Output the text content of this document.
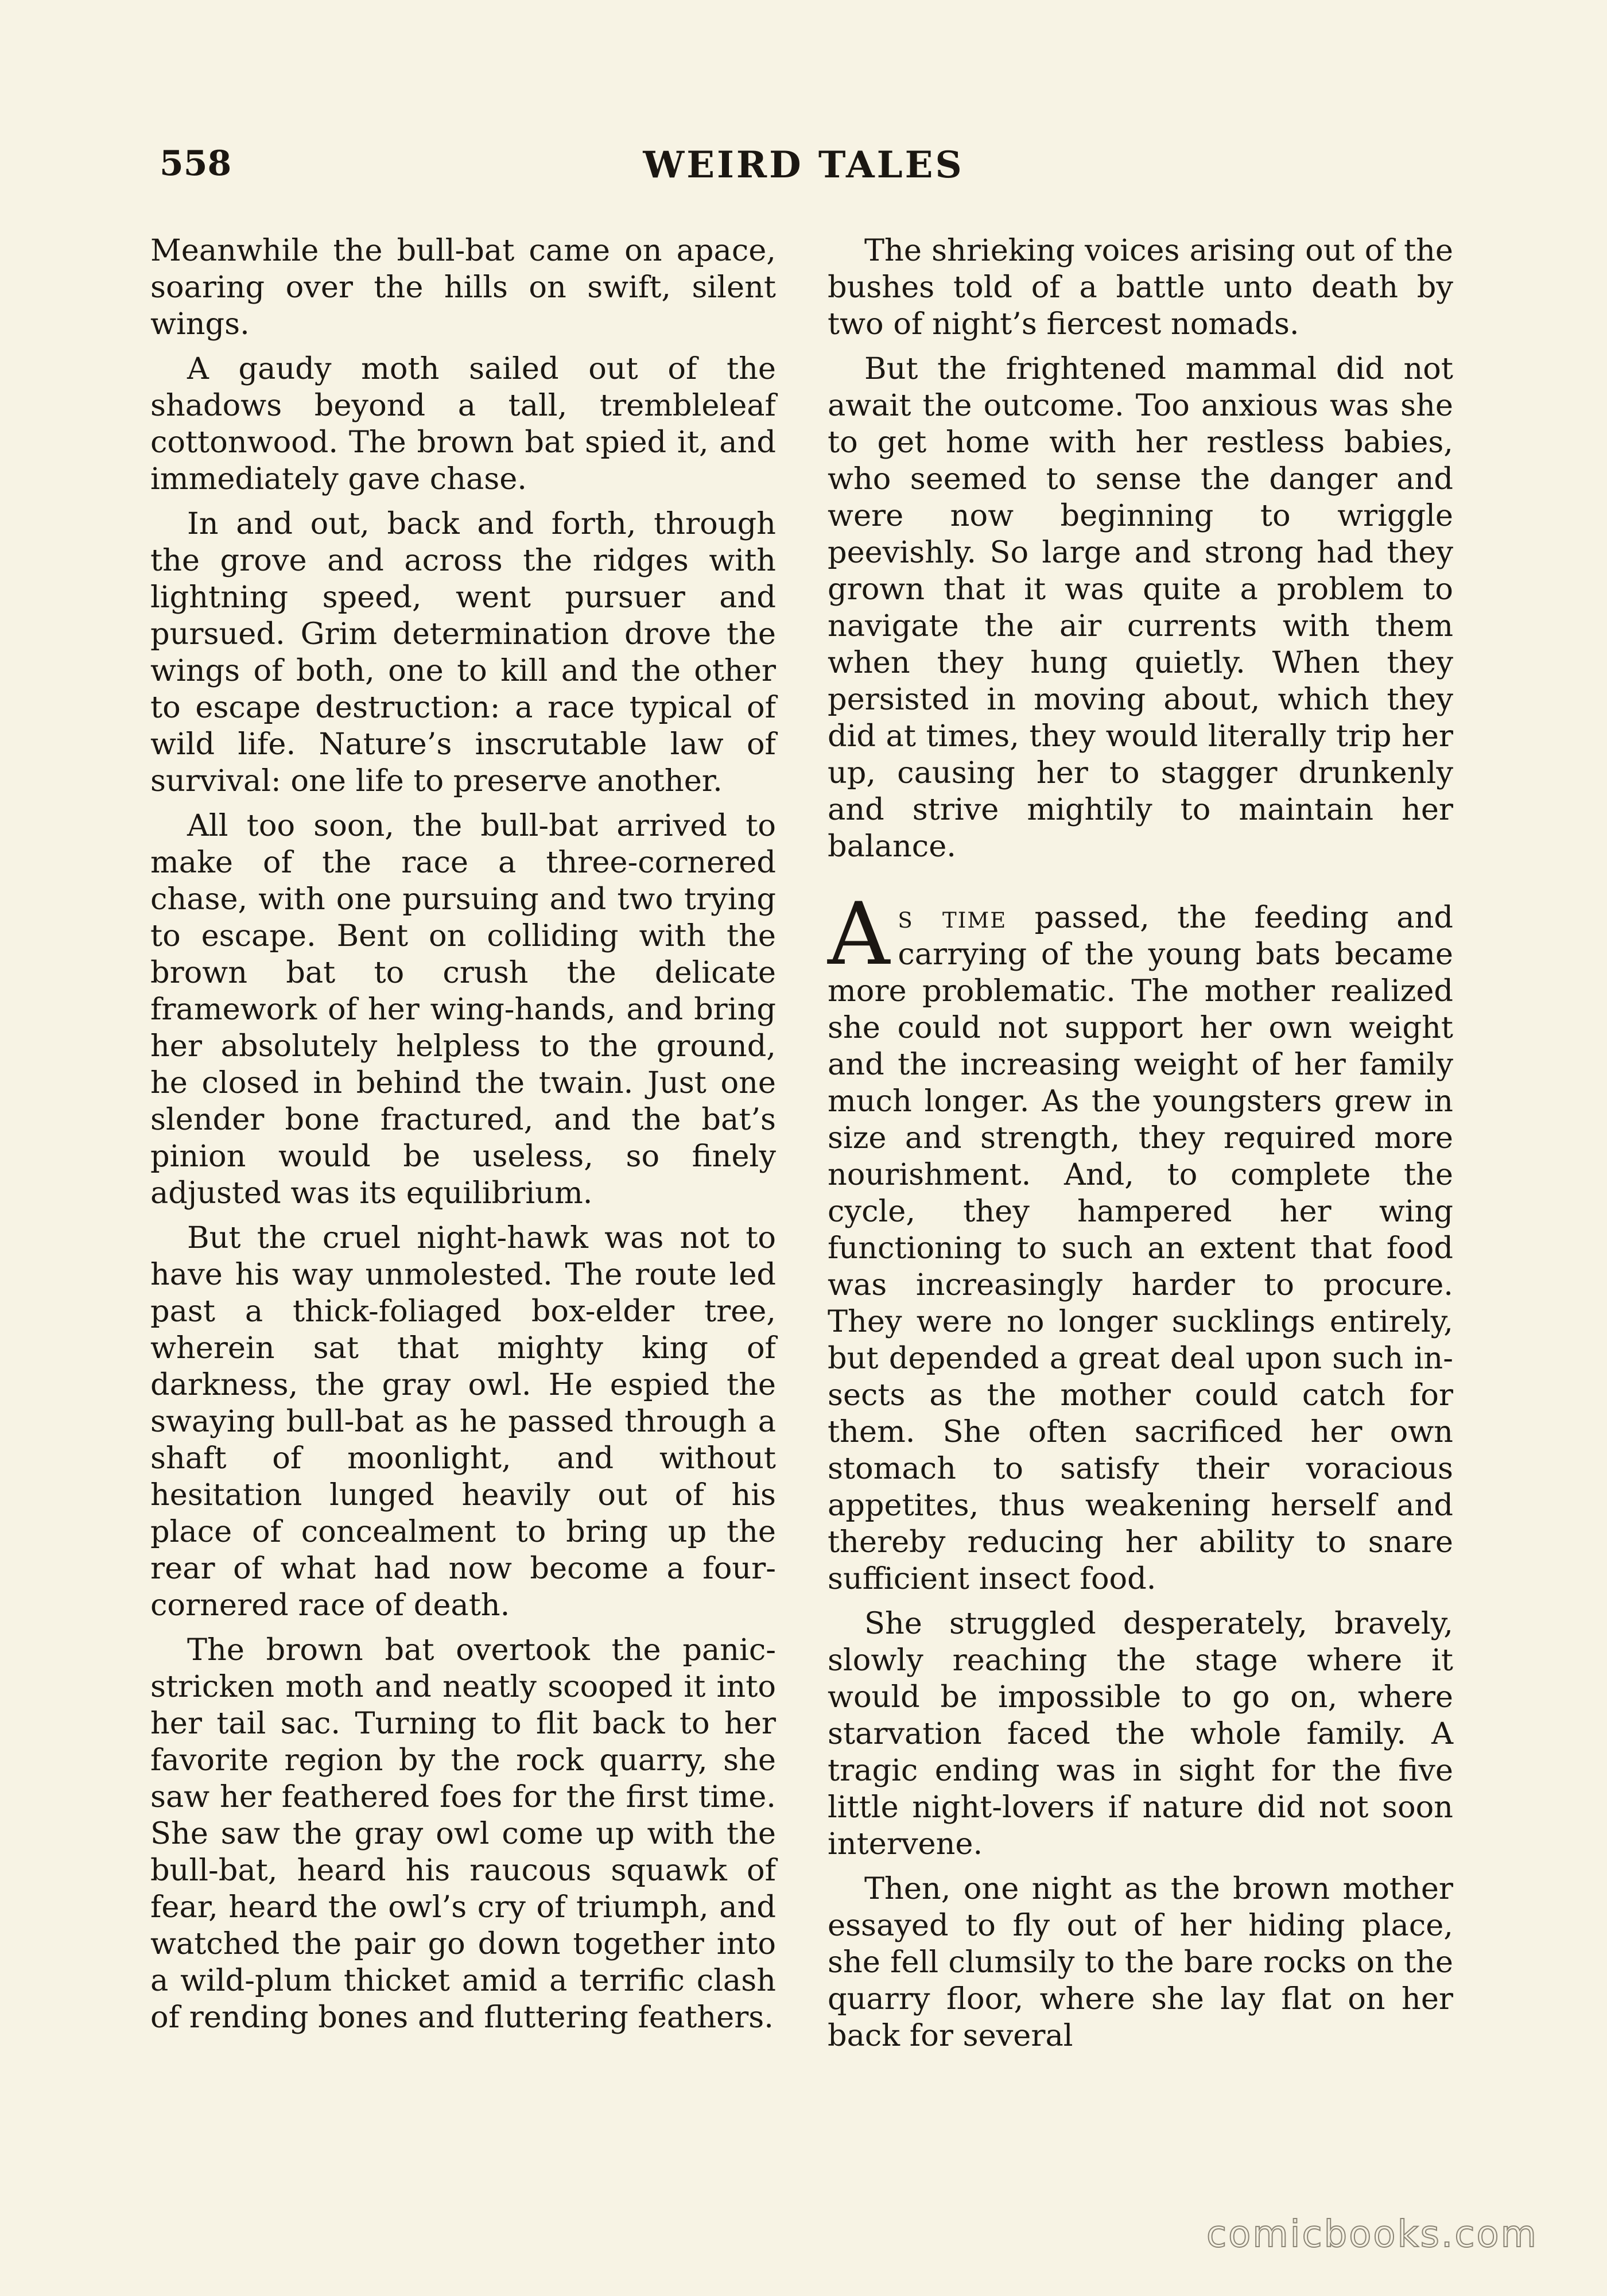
558	WEIRD TALES

Meanwhile the bull-bat came on apace, soaring over the hills on swift, silent wings.

A gaudy moth sailed out of the shadows beyond a tall, trembleleaf cottonwood. The brown bat spied it, and immediately gave chase.

In and out, back and forth, through the grove and across the ridges with lightning speed, went pursuer and pursued. Grim determination drove the wings of both, one to kill and the other to escape destruction: a race typical of wild life. Nature’s inscrutable law of survival: one life to preserve another.

All too soon, the bull-bat arrived to make of the race a three-cornered chase, with one pursuing and two trying to escape. Bent on colliding with the brown bat to crush the delicate framework of her wing-hands, and bring her absolutely helpless to the ground, he closed in behind the twain. Just one slender bone fractured, and the bat’s pinion would be useless, so finely adjusted was its equilibrium.

But the cruel night-hawk was not to have his way unmolested. The route led past a thick-foliaged box-elder tree, wherein sat that mighty king of darkness, the gray owl. He espied the swaying bull-bat as he passed through a shaft of moonlight, and without hesitation lunged heavily out of his place of concealment to bring up the rear of what had now become a four-cornered race of death.

The brown bat overtook the panic-stricken moth and neatly scooped it into her tail sac. Turning to flit back to her favorite region by the rock quarry, she saw her feathered foes for the first time. She saw the gray owl come up with the bull-bat, heard his raucous squawk of fear, heard the owl’s cry of triumph, and watched the pair go down together into a wild-plum thicket amid a terrific clash of rending bones and fluttering feathers.

The shrieking voices arising out of the bushes told of a battle unto death by two of night’s fiercest nomads.

But the frightened mammal did not await the outcome. Too anxious was she to get home with her restless babies, who seemed to sense the danger and were now beginning to wriggle peevishly. So large and strong had they grown that it was quite a problem to navigate the air currents with them when they hung quietly. When they persisted in moving about, which they did at times, they would literally trip her up, causing her to stagger drunkenly and strive mightily to maintain her balance.

As time passed, the feeding and carrying of the young bats became more problematic. The mother realized she could not support her own weight and the increasing weight of her family much longer. As the youngsters grew in size and strength, they required more nourishment. And, to complete the cycle, they hampered her wing functioning to such an extent that food was increasingly harder to procure. They were no longer sucklings entirely, but depended a great deal upon such insects as the mother could catch for them. She often sacrificed her own stomach to satisfy their voracious appetites, thus weakening herself and thereby reducing her ability to snare sufficient insect food.

She struggled desperately, bravely, slowly reaching the stage where it would be impossible to go on, where starvation faced the whole family. A tragic ending was in sight for the five little night-lovers if nature did not soon intervene.

Then, one night as the brown mother essayed to fly out of her hiding place, she fell clumsily to the bare rocks on the quarry floor, where she lay flat on her back for several

comicbooks.com
